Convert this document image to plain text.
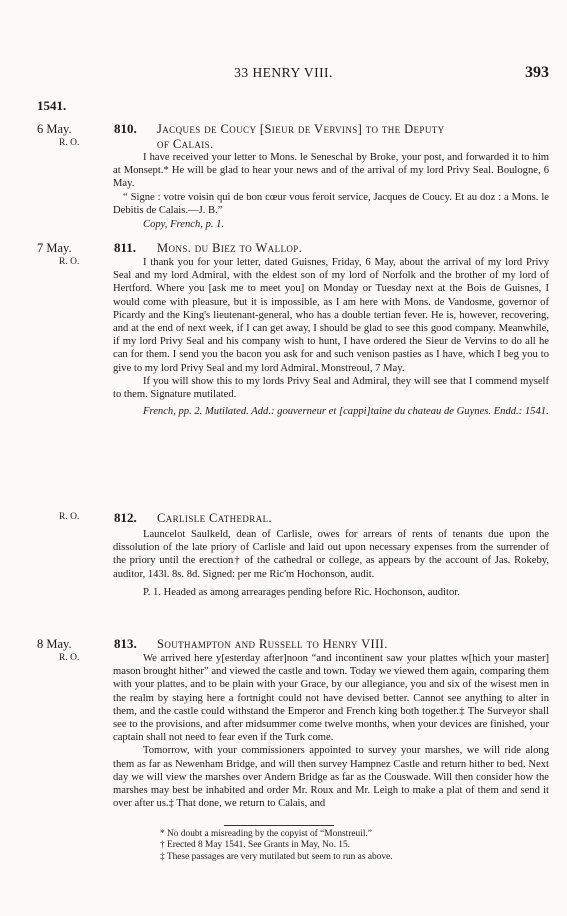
33 HENRY VIII.	393
1541.
6 May.
R. O.
810. Jacques de Coucy [Sieur de Vervins] to the Deputy
of Calais.

I have received your letter to Mons. le Seneschal by Broke, your post, and forwarded it to him at Monsept.* He will be glad to hear your news and of the arrival of my lord Privy Seal. Boulogne, 6 May.

“ Signe : votre voisin qui de bon cœur vous feroit service, Jacques de Coucy. Et au doz : a Mons. le Debitis de Calais.—J. B.”

Copy, French, p. 1.

7 May.
R. O.
811. Mons. du Biez to Wallop.

I thank you for your letter, dated Guisnes, Friday, 6 May, about the arrival of my lord Privy Seal and my lord Admiral, with the eldest son of my lord of Norfolk and the brother of my lord of Hertford. Where you [ask me to meet you] on Monday or Tuesday next at the Bois de Guisnes, I would come with pleasure, but it is impossible, as I am here with Mons. de Vandosme, governor of Picardy and the King's lieutenant-general, who has a double tertian fever. He is, however, recovering, and at the end of next week, if I can get away, I should be glad to see this good company. Meanwhile, if my lord Privy Seal and his company wish to hunt, I have ordered the Sieur de Vervins to do all he can for them. I send you the bacon you ask for and such venison pasties as I have, which I beg you to give to my lord Privy Seal and my lord Admiral. Monstreoul, 7 May.

If you will show this to my lords Privy Seal and Admiral, they will see that I commend myself to them. Signature mutilated.

French, pp. 2. Mutilated. Add.: gouverneur et [cappi]taine du chateau de Guynes. Endd.: 1541.

R. O.	812. Carlisle Cathedral.

Launcelot Saulkeld, dean of Carlisle, owes for arrears of rents of tenants due upon the dissolution of the late priory of Carlisle and laid out upon necessary expenses from the surrender of the priory until the erection† of the cathedral or college, as appears by the account of Jas. Rokeby, auditor, 143l. 8s. 8d. Signed: per me Ric'm Hochonson, audit.

P. 1. Headed as among arrearages pending before Ric. Hochonson, auditor.

8 May.
R. O.
813. Southampton and Russell to Henry VIII.

We arrived here y[esterday after]noon “and incontinent saw your plattes w[hich your master] mason brought hither” and viewed the castle and town. Today we viewed them again, comparing them with your plattes, and to be plain with your Grace, by our allegiance, you and six of the wisest men in the realm by staying here a fortnight could not have devised better. Cannot see anything to alter in them, and the castle could withstand the Emperor and French king both together.‡ The Surveyor shall see to the provisions, and after midsummer come twelve months, when your devices are finished, your captain shall not need to fear even if the Turk come.

Tomorrow, with your commissioners appointed to survey your marshes, we will ride along them as far as Newenham Bridge, and will then survey Hampnez Castle and return hither to bed. Next day we will view the marshes over Andern Bridge as far as the Couswade. Will then consider how the marshes may best be inhabited and order Mr. Roux and Mr. Leigh to make a plat of them and send it over after us.‡ That done, we return to Calais, and

* No doubt a misreading by the copyist of “Monstreuil.”
† Erected 8 May 1541. See Grants in May, No. 15.
‡ These passages are very mutilated but seem to run as above.
